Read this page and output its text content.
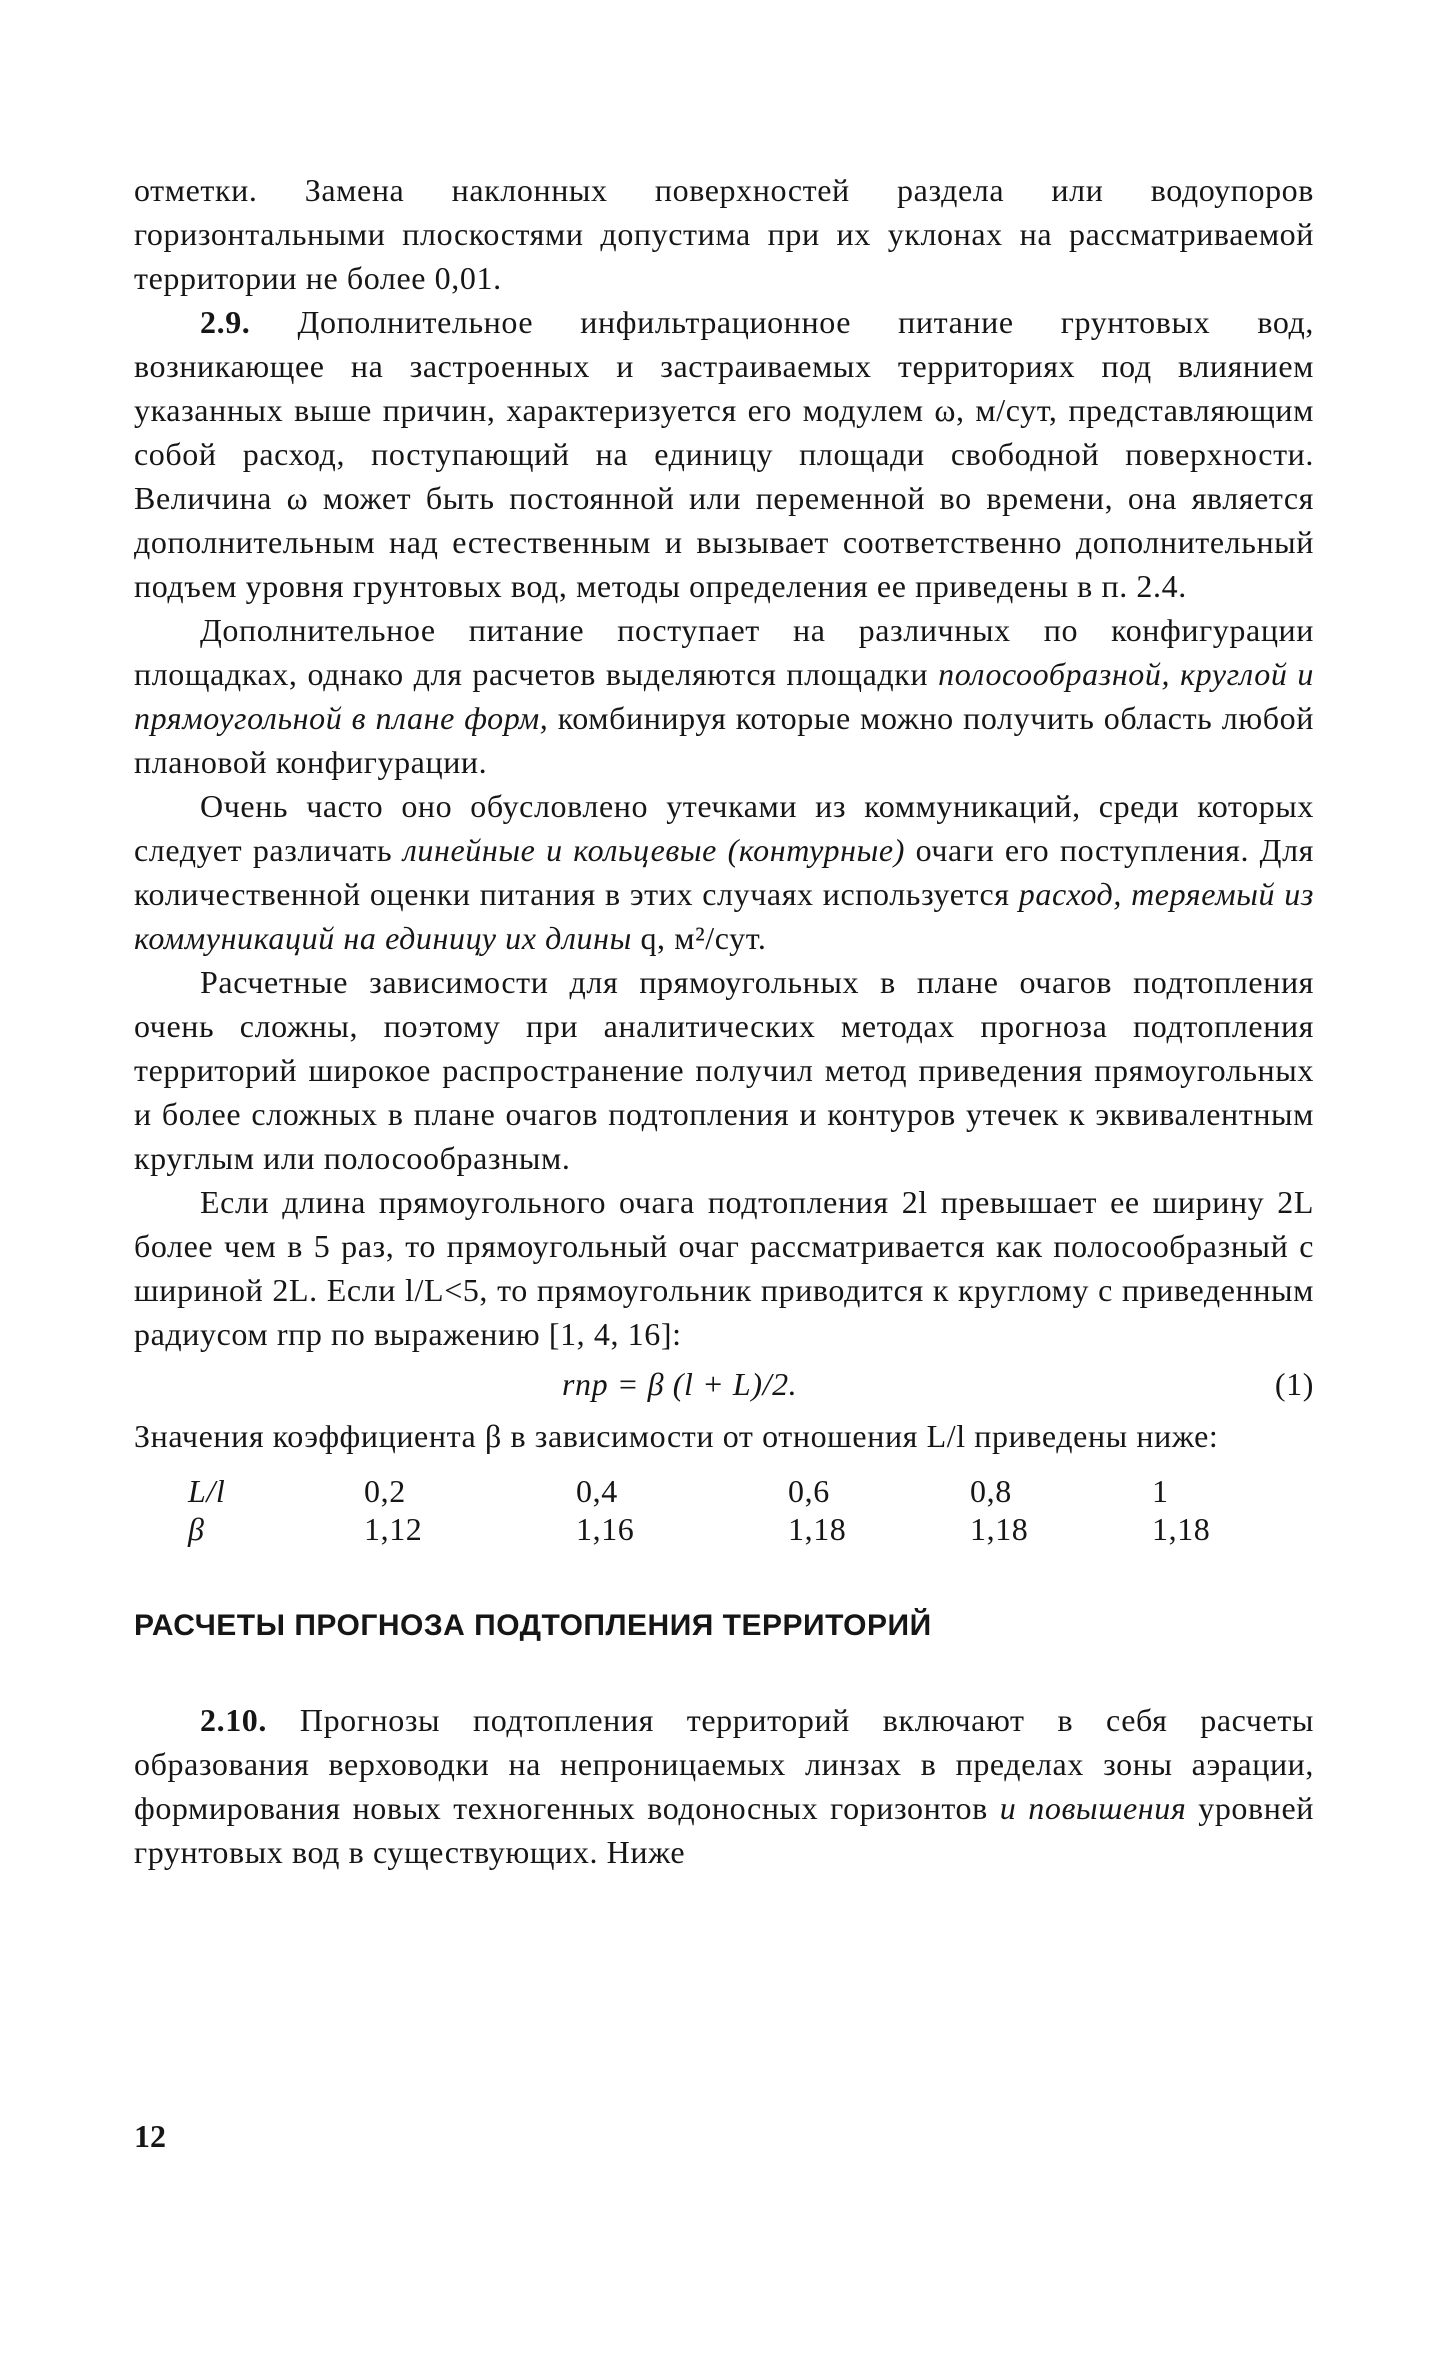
отметки. Замена наклонных поверхностей раздела или водоупоров горизонтальными плоскостями допустима при их уклонах на рассматриваемой территории не более 0,01.

2.9. Дополнительное инфильтрационное питание грунтовых вод, возникающее на застроенных и застраиваемых территориях под влиянием указанных выше причин, характеризуется его модулем ω, м/сут, представляющим собой расход, поступающий на единицу площади свободной поверхности. Величина ω может быть постоянной или переменной во времени, она является дополнительным над естественным и вызывает соответственно дополнительный подъем уровня грунтовых вод, методы определения ее приведены в п. 2.4.

Дополнительное питание поступает на различных по конфигурации площадках, однако для расчетов выделяются площадки полосообразной, круглой и прямоугольной в плане форм, комбинируя которые можно получить область любой плановой конфигурации.

Очень часто оно обусловлено утечками из коммуникаций, среди которых следует различать линейные и кольцевые (контурные) очаги его поступления. Для количественной оценки питания в этих случаях используется расход, теряемый из коммуникаций на единицу их длины q, м²/сут.

Расчетные зависимости для прямоугольных в плане очагов подтопления очень сложны, поэтому при аналитических методах прогноза подтопления территорий широкое распространение получил метод приведения прямоугольных и более сложных в плане очагов подтопления и контуров утечек к эквивалентным круглым или полосообразным.

Если длина прямоугольного очага подтопления 2l превышает ее ширину 2L более чем в 5 раз, то прямоугольный очаг рассматривается как полосообразный с шириной 2L. Если l/L<5, то прямоугольник приводится к круглому с приведенным радиусом rпр по выражению [1, 4, 16]:

rпр = β (l + L)/2.	(1)

Значения коэффициента β в зависимости от отношения L/l приведены ниже:

L/l	0,2	0,4	0,6	0,8	1
β	1,12	1,16	1,18	1,18	1,18
РАСЧЕТЫ ПРОГНОЗА ПОДТОПЛЕНИЯ ТЕРРИТОРИЙ

2.10. Прогнозы подтопления территорий включают в себя расчеты образования верховодки на непроницаемых линзах в пределах зоны аэрации, формирования новых техногенных водоносных горизонтов и повышения уровней грунтовых вод в существующих. Ниже

12
